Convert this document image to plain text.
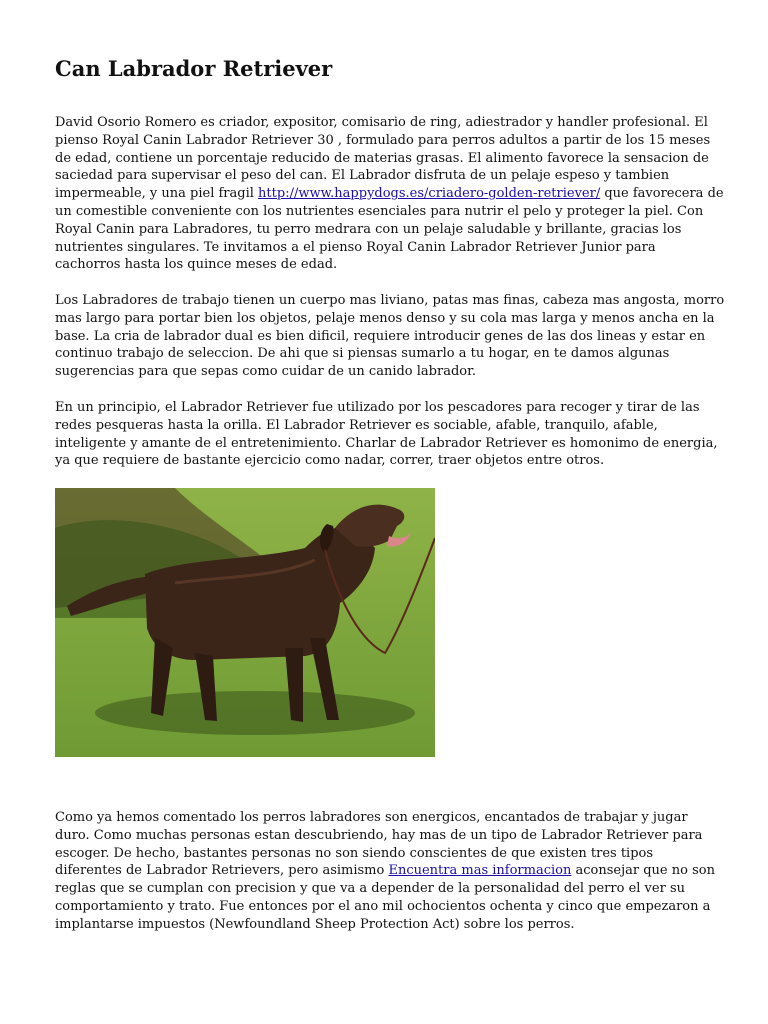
Can Labrador Retriever
David Osorio Romero es criador, expositor, comisario de ring, adiestrador y handler profesional. El
pienso Royal Canin Labrador Retriever 30 , formulado para perros adultos a partir de los 15 meses
de edad, contiene un porcentaje reducido de materias grasas. El alimento favorece la sensacion de
saciedad para supervisar el peso del can. El Labrador disfruta de un pelaje espeso y tambien
impermeable, y una piel fragil http://www.happydogs.es/criadero-golden-retriever/ que favorecera de
un comestible conveniente con los nutrientes esenciales para nutrir el pelo y proteger la piel. Con
Royal Canin para Labradores, tu perro medrara con un pelaje saludable y brillante, gracias los
nutrientes singulares. Te invitamos a el pienso Royal Canin Labrador Retriever Junior para
cachorros hasta los quince meses de edad.
Los Labradores de trabajo tienen un cuerpo mas liviano, patas mas finas, cabeza mas angosta, morro
mas largo para portar bien los objetos, pelaje menos denso y su cola mas larga y menos ancha en la
base. La cria de labrador dual es bien dificil, requiere introducir genes de las dos lineas y estar en
continuo trabajo de seleccion. De ahi que si piensas sumarlo a tu hogar, en te damos algunas
sugerencias para que sepas como cuidar de un canido labrador.
En un principio, el Labrador Retriever fue utilizado por los pescadores para recoger y tirar de las
redes pesqueras hasta la orilla. El Labrador Retriever es sociable, afable, tranquilo, afable,
inteligente y amante de el entretenimiento. Charlar de Labrador Retriever es homonimo de energia,
ya que requiere de bastante ejercicio como nadar, correr, traer objetos entre otros.
Como ya hemos comentado los perros labradores son energicos, encantados de trabajar y jugar
duro. Como muchas personas estan descubriendo, hay mas de un tipo de Labrador Retriever para
escoger. De hecho, bastantes personas no son siendo conscientes de que existen tres tipos
diferentes de Labrador Retrievers, pero asimismo Encuentra mas informacion aconsejar que no son
reglas que se cumplan con precision y que va a depender de la personalidad del perro el ver su
comportamiento y trato. Fue entonces por el ano mil ochocientos ochenta y cinco que empezaron a
implantarse impuestos (Newfoundland Sheep Protection Act) sobre los perros.
